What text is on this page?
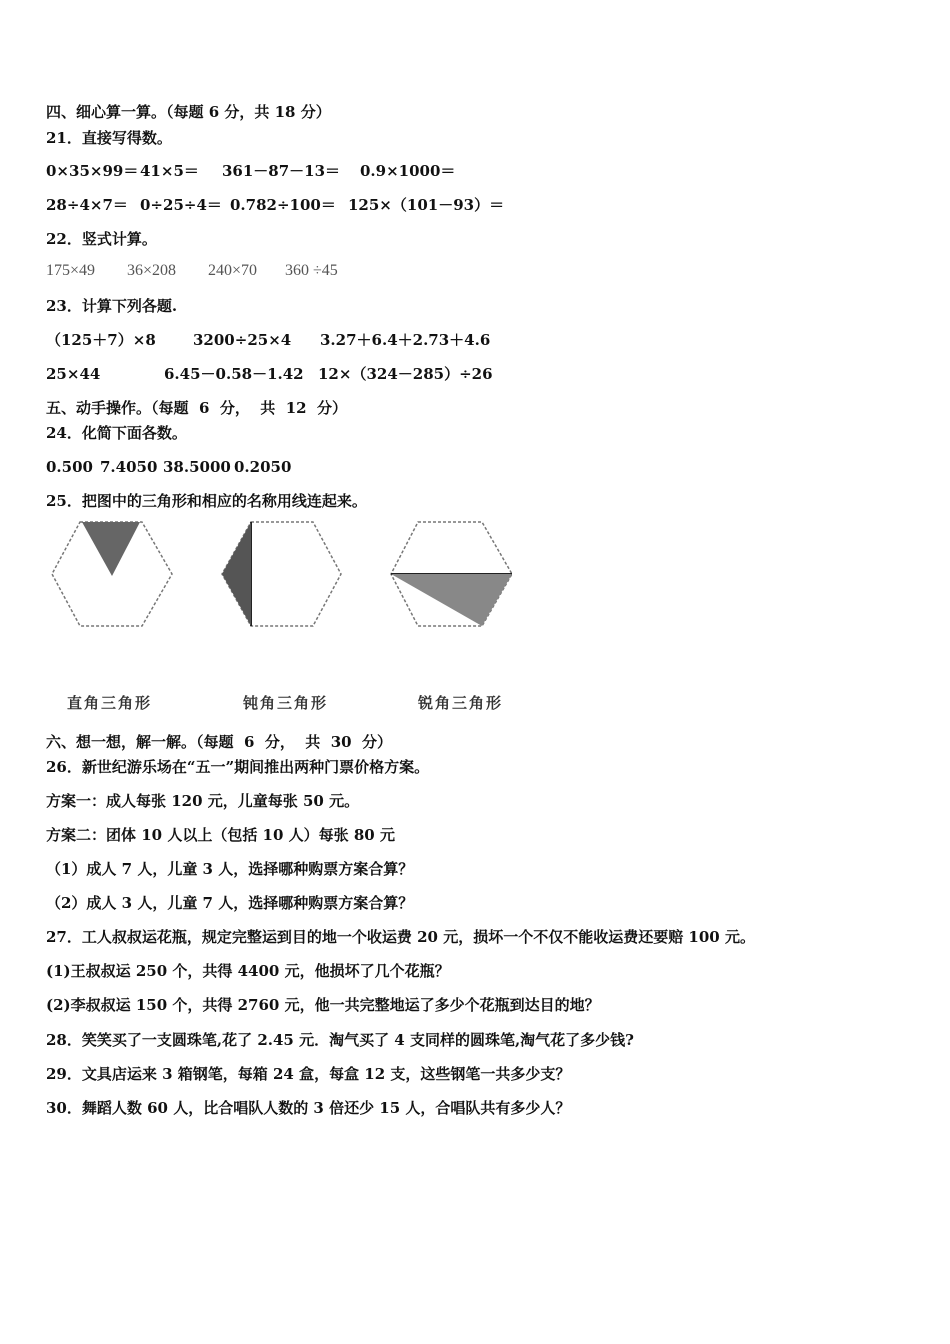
四、细心算一算。（每题 6 分，共 18 分）
21．直接写得数。
0×35×99＝ 41×5＝ 361－87－13＝ 0.9×1000＝
28÷4×7＝ 0÷25÷4＝ 0.782÷100＝ 125×（101－93）＝
22．竖式计算。
175×49 36×208 240×70 360 ÷45
23．计算下列各题.
（125＋7）×8 3200÷25×4 3.27＋6.4＋2.73＋4.6
25×44	6.45－0.58－1.42 12×（324－285）÷26
五、动手操作。（每题  6  分，  共  12  分）
24．化简下面各数。
0.500 7.4050 38.5000 0.2050
25．把图中的三角形和相应的名称用线连起来。
直角三角形	钝角三角形	锐角三角形
六、想一想，解一解。（每题  6  分，  共  30  分）
26．新世纪游乐场在“五一”期间推出两种门票价格方案。
方案一：成人每张 120 元，儿童每张 50 元。
方案二：团体 10 人以上（包括 10 人）每张 80 元
（1）成人 7 人，儿童 3 人，选择哪种购票方案合算？
（2）成人 3 人，儿童 7 人，选择哪种购票方案合算？
27．工人叔叔运花瓶，规定完整运到目的地一个收运费 20 元，损坏一个不仅不能收运费还要赔 100 元。
(1)王叔叔运 250 个，共得 4400 元，他损坏了几个花瓶？
(2)李叔叔运 150 个，共得 2760 元，他一共完整地运了多少个花瓶到达目的地？
28．笑笑买了一支圆珠笔,花了 2.45 元．淘气买了 4 支同样的圆珠笔,淘气花了多少钱?
29．文具店运来 3 箱钢笔，每箱 24 盒，每盒 12 支，这些钢笔一共多少支？
30．舞蹈人数 60 人，比合唱队人数的 3 倍还少 15 人，合唱队共有多少人？
